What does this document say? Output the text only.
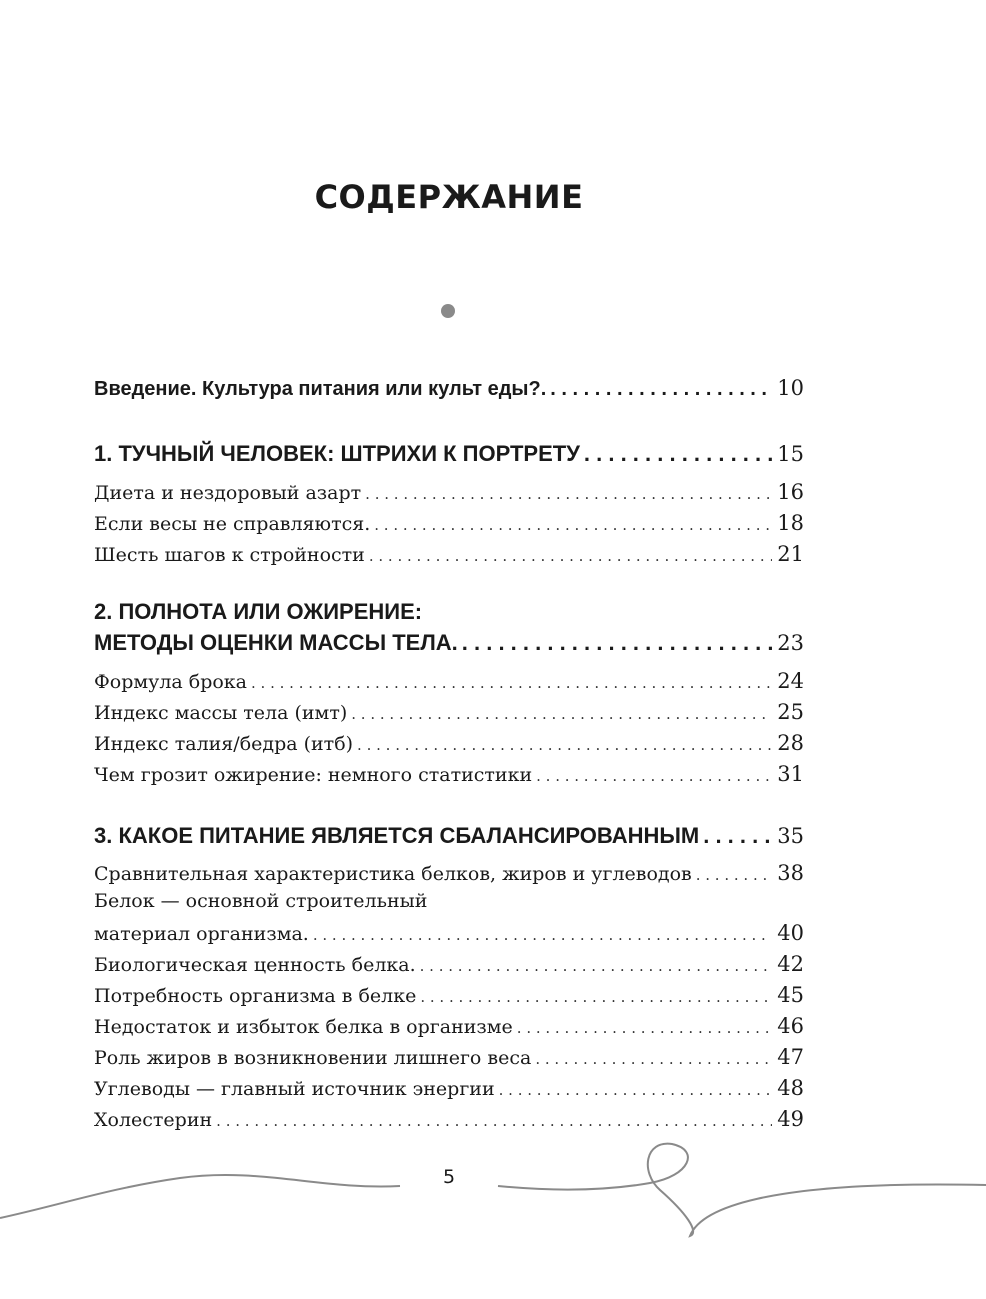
СОДЕРЖАНИЕ
Введение. Культура питания или культ еды?. . . .	10
1. ТУЧНЫЙ ЧЕЛОВЕК: ШТРИХИ К ПОРТРЕТУ . . .	15
Диета и нездоровый азарт . . .	16
Если весы не справляются. . . .	18
Шесть шагов к стройности . . .	21
2. ПОЛНОТА ИЛИ ОЖИРЕНИЕ:
МЕТОДЫ ОЦЕНКИ МАССЫ ТЕЛА. . . .	23
Формула брока . . .	24
Индекс массы тела (имт) . . .	25
Индекс талия/бедра (итб) . . .	28
Чем грозит ожирение: немного статистики . . .	31
3. КАКОЕ ПИТАНИЕ ЯВЛЯЕТСЯ СБАЛАНСИРОВАННЫМ . . .	35
Сравнительная характеристика белков, жиров и углеводов . . .	38
Белок — основной строительный
материал организма. . . .	40
Биологическая ценность белка. . . .	42
Потребность организма в белке . . .	45
Недостаток и избыток белка в организме . . .	46
Роль жиров в возникновении лишнего веса . . .	47
Углеводы — главный источник энергии . . .	48
Холестерин . . .	49
5
